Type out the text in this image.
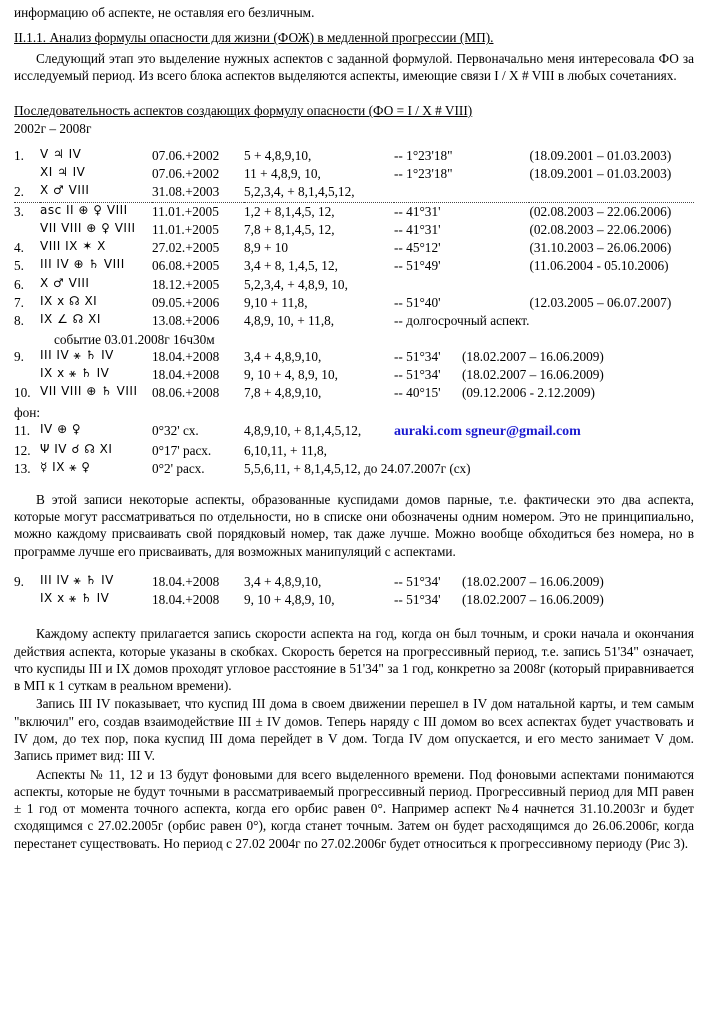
информацию об аспекте, не оставляя его безличным.

II.1.1. Анализ формулы опасности для жизни (ФОЖ) в медленной прогрессии (МП).

Следующий этап это выделение нужных аспектов с заданной формулой. Первоначально меня интересовала ФО за исследуемый период. Из всего блока аспектов выделяются аспекты, имеющие связи I / X # VIII в любых сочетаниях.

Последовательность аспектов создающих формулу опасности (ФО = I / X # VIII)

2002г – 2008г

1.	V ♃ IV	07.06.+2002	5 + 4,8,9,10,	-- 1°23'18"	(18.09.2001 – 01.03.2003)
	XI ♃ IV	07.06.+2002	11 + 4,8,9, 10,	-- 1°23'18"	(18.09.2001 – 01.03.2003)
2.	X ♂ VIII	31.08.+2003	5,2,3,4, + 8,1,4,5,12,		
3.	asc II ⊕ ♀ VIII	11.01.+2005	1,2 + 8,1,4,5, 12,	-- 41°31'	(02.08.2003 – 22.06.2006)
	VII VIII ⊕ ♀ VIII	11.01.+2005	7,8 + 8,1,4,5, 12,	-- 41°31'	(02.08.2003 – 22.06.2006)
4.	VIII IX ✶ X	27.02.+2005	8,9 + 10	-- 45°12'	(31.10.2003 – 26.06.2006)
5.	III IV ⊕ ♄ VIII	06.08.+2005	3,4 + 8, 1,4,5, 12,	-- 51°49'	(11.06.2004 - 05.10.2006)
6.	X ♂ VIII	18.12.+2005	5,2,3,4, + 4,8,9, 10,		
7.	IX x ☊ XI	09.05.+2006	9,10 + 11,8,	-- 51°40'	(12.03.2005 – 06.07.2007)
8.	IX ∠ ☊ XI	13.08.+2006	4,8,9, 10, + 11,8,	-- долгосрочный аспект.	

событие 03.01.2008г 16ч30м

9.	III IV ⚹ ♄ IV	18.04.+2008	3,4 + 4,8,9,10,	-- 51°34'	(18.02.2007 – 16.06.2009)
	IX x ⚹ ♄ IV	18.04.+2008	9, 10 + 4, 8,9, 10,	-- 51°34'	(18.02.2007 – 16.06.2009)
10.	VII VIII ⊕ ♄ VIII	08.06.+2008	7,8 + 4,8,9,10,	-- 40°15'	(09.12.2006 - 2.12.2009)

фон:

11.	IV ⊕ ♀	0°32' сх.	4,8,9,10, + 8,1,4,5,12,	auraki.com sgneur@gmail.com
12.	Ψ IV ☌ ☊ XI	0°17' расх.	6,10,11, + 11,8,	
13.	☿ IX ⚹ ♀	0°2' расх.	5,5,6,11, + 8,1,4,5,12, до 24.07.2007г (сх)	

В этой записи некоторые аспекты, образованные куспидами домов парные, т.е. фактически это два аспекта, которые могут рассматриваться по отдельности, но в списке они обозначены одним номером. Это не принципиально, можно каждому присваивать свой порядковый номер, так даже лучше. Можно вообще обходиться без номера, но в программе лучше его присваивать, для возможных манипуляций с аспектами.

9.	III IV ⚹ ♄ IV	18.04.+2008	3,4 + 4,8,9,10,	-- 51°34'	(18.02.2007 – 16.06.2009)
	IX x ⚹ ♄ IV	18.04.+2008	9, 10 + 4,8,9, 10,	-- 51°34'	(18.02.2007 – 16.06.2009)

Каждому аспекту прилагается запись скорости аспекта на год, когда он был точным, и сроки начала и окончания действия аспекта, которые указаны в скобках. Скорость берется на прогрессивный период, т.е. запись 51'34" означает, что куспиды III и IX домов проходят угловое расстояние в 51'34" за 1 год, конкретно за 2008г (который приравнивается в МП к 1 суткам в реальном времени).

Запись III IV показывает, что куспид III дома в своем движении перешел в IV дом натальной карты, и тем самым "включил" его, создав взаимодействие III ± IV домов. Теперь наряду с III домом во всех аспектах будет участвовать и IV дом, до тех пор, пока куспид III дома перейдет в V дом. Тогда IV дом опускается, и его место занимает V дом. Запись примет вид: III V.

Аспекты № 11, 12 и 13 будут фоновыми для всего выделенного времени. Под фоновыми аспектами понимаются аспекты, которые не будут точными в рассматриваемый прогрессивный период. Прогрессивный период для МП равен ± 1 год от момента точного аспекта, когда его орбис равен 0°. Например аспект №4 начнется 31.10.2003г и будет сходящимся с 27.02.2005г (орбис равен 0°), когда станет точным. Затем он будет расходящимся до 26.06.2006г, когда перестанет существовать. Но период с 27.02 2004г по 27.02.2006г будет относиться к прогрессивному периоду (Рис 3).
